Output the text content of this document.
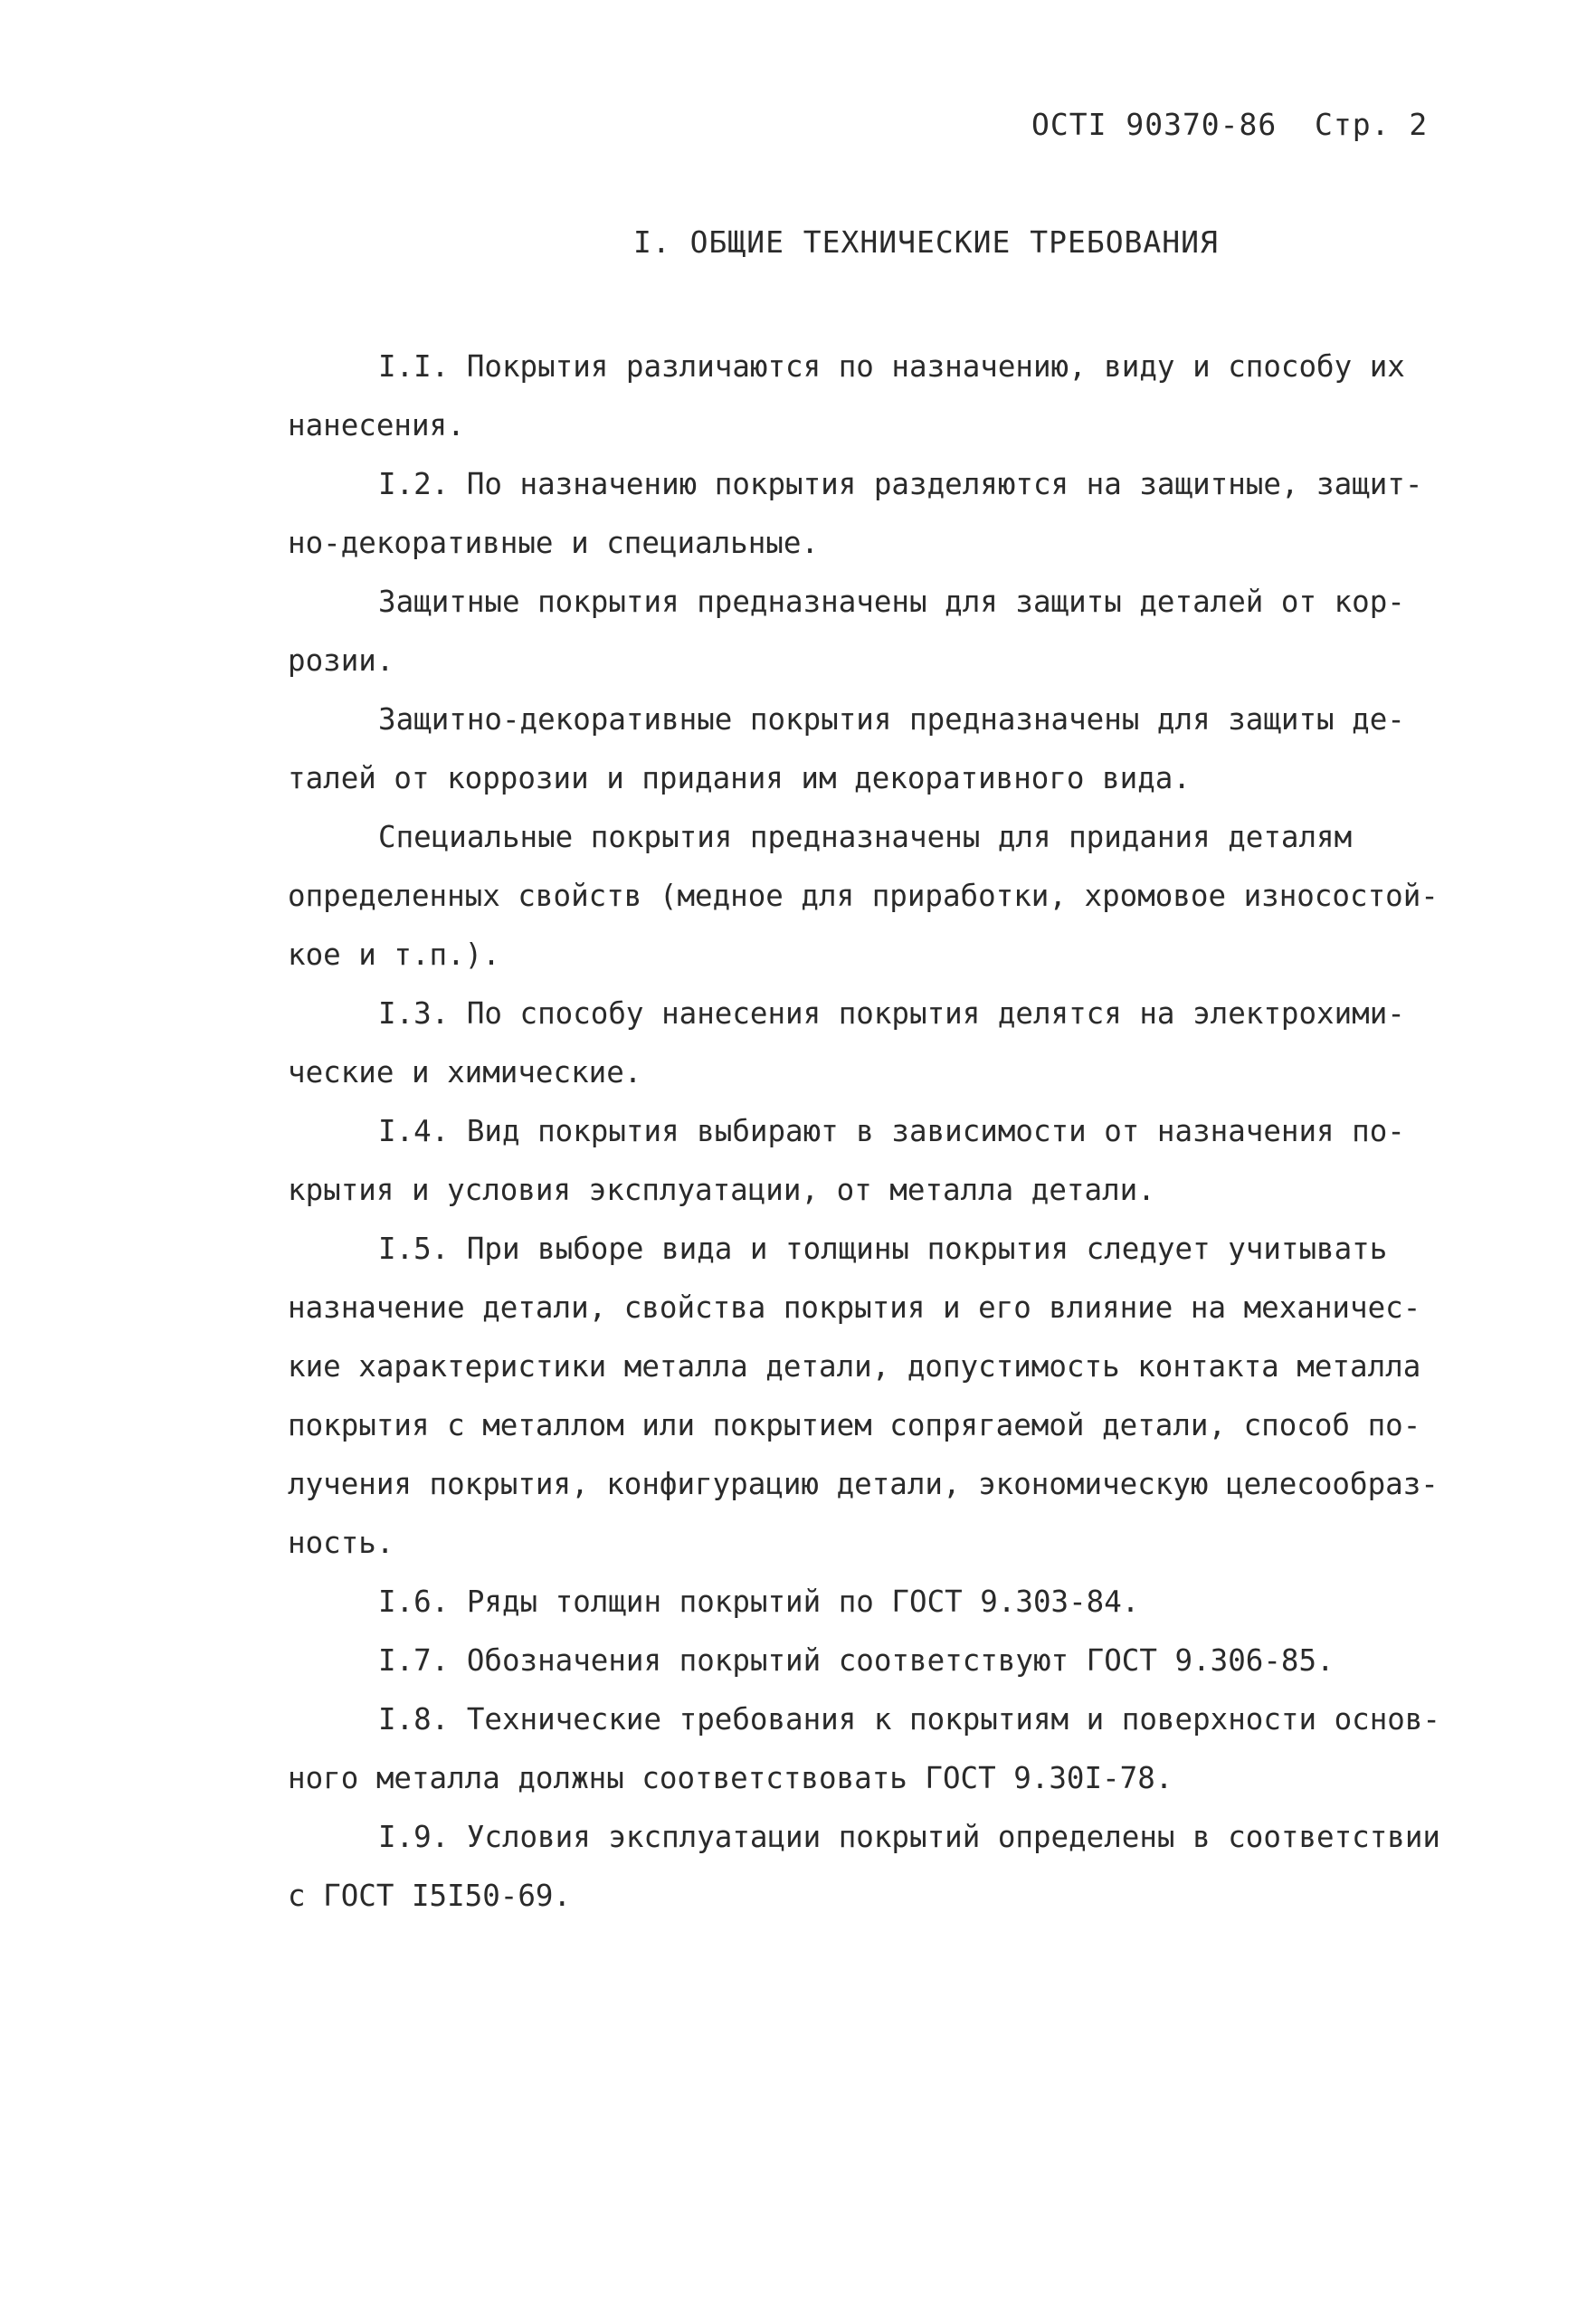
ОСТI 90370-86 Стр. 2
I. ОБЩИЕ ТЕХНИЧЕСКИЕ ТРЕБОВАНИЯ
I.I. Покрытия различаются по назначению, виду и способу их
нанесения.
I.2. По назначению покрытия разделяются на защитные, защит-
но-декоративные и специальные.
Защитные покрытия предназначены для защиты деталей от кор-
розии.
Защитно-декоративные покрытия предназначены для защиты де-
талей от коррозии и придания им декоративного вида.
Специальные покрытия предназначены для придания деталям
определенных свойств (медное для приработки, хромовое износостой-
кое и т.п.).
I.3. По способу нанесения покрытия делятся на электрохими-
ческие и химические.
I.4. Вид покрытия выбирают в зависимости от назначения по-
крытия и условия эксплуатации, от металла детали.
I.5. При выборе вида и толщины покрытия следует учитывать
назначение детали, свойства покрытия и его влияние на механичес-
кие характеристики металла детали, допустимость контакта металла
покрытия с металлом или покрытием сопрягаемой детали, способ по-
лучения покрытия, конфигурацию детали, экономическую целесообраз-
ность.
I.6. Ряды толщин покрытий по ГОСТ 9.303-84.
I.7. Обозначения покрытий соответствуют ГОСТ 9.306-85.
I.8. Технические требования к покрытиям и поверхности основ-
ного металла должны соответствовать ГОСТ 9.30I-78.
I.9. Условия эксплуатации покрытий определены в соответствии
с ГОСТ I5I50-69.
